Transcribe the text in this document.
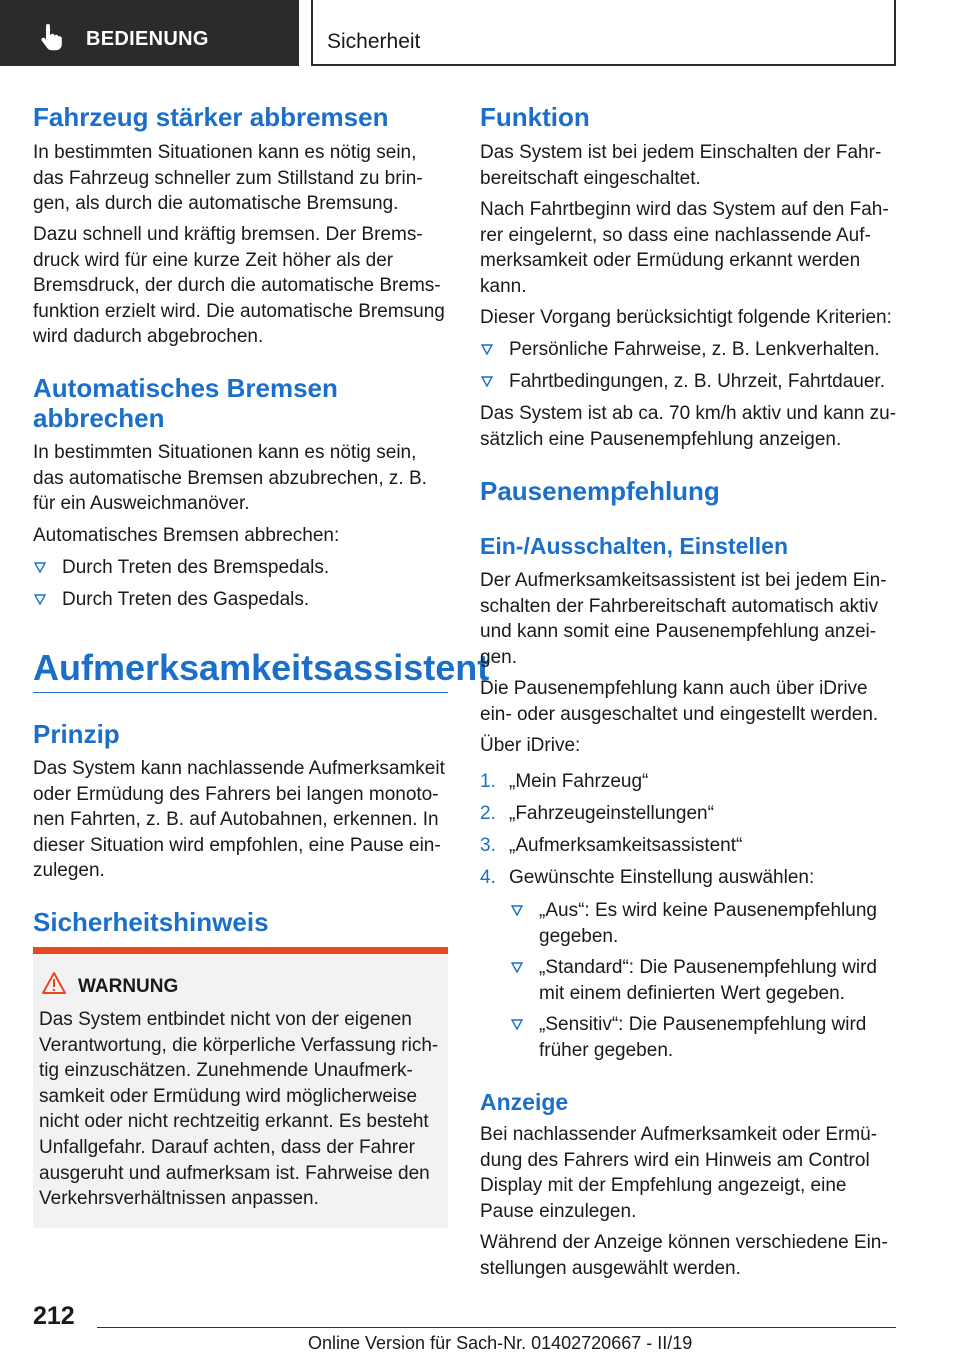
BEDIENUNG	Sicherheit
Fahrzeug stärker abbremsen
In bestimmten Situationen kann es nötig sein,
das Fahrzeug schneller zum Stillstand zu brin‐
gen, als durch die automatische Bremsung.
Dazu schnell und kräftig bremsen. Der Brems‐
druck wird für eine kurze Zeit höher als der
Bremsdruck, der durch die automatische Brems‐
funktion erzielt wird. Die automatische Bremsung
wird dadurch abgebrochen.
Automatisches Bremsen
abbrechen
In bestimmten Situationen kann es nötig sein,
das automatische Bremsen abzubrechen, z. B.
für ein Ausweichmanöver.
Automatisches Bremsen abbrechen:
Durch Treten des Bremspedals.
Durch Treten des Gaspedals.
Aufmerksamkeitsassistent
Prinzip
Das System kann nachlassende Aufmerksamkeit
oder Ermüdung des Fahrers bei langen monoto‐
nen Fahrten, z. B. auf Autobahnen, erkennen. In
dieser Situation wird empfohlen, eine Pause ein‐
zulegen.
Sicherheitshinweis
WARNUNG
Das System entbindet nicht von der eigenen
Verantwortung, die körperliche Verfassung rich‐
tig einzuschätzen. Zunehmende Unaufmerk‐
samkeit oder Ermüdung wird möglicherweise
nicht oder nicht rechtzeitig erkannt. Es besteht
Unfallgefahr. Darauf achten, dass der Fahrer
ausgeruht und aufmerksam ist. Fahrweise den
Verkehrsverhältnissen anpassen.
Funktion
Das System ist bei jedem Einschalten der Fahr‐
bereitschaft eingeschaltet.
Nach Fahrtbeginn wird das System auf den Fah‐
rer eingelernt, so dass eine nachlassende Auf‐
merksamkeit oder Ermüdung erkannt werden
kann.
Dieser Vorgang berücksichtigt folgende Kriterien:
Persönliche Fahrweise, z. B. Lenkverhalten.
Fahrtbedingungen, z. B. Uhrzeit, Fahrtdauer.
Das System ist ab ca. 70 km/h aktiv und kann zu‐
sätzlich eine Pausenempfehlung anzeigen.
Pausenempfehlung
Ein-/Ausschalten, Einstellen
Der Aufmerksamkeitsassistent ist bei jedem Ein‐
schalten der Fahrbereitschaft automatisch aktiv
und kann somit eine Pausenempfehlung anzei‐
gen.
Die Pausenempfehlung kann auch über iDrive
ein- oder ausgeschaltet und eingestellt werden.
Über iDrive:
1. „Mein Fahrzeug“
2. „Fahrzeugeinstellungen“
3. „Aufmerksamkeitsassistent“
4. Gewünschte Einstellung auswählen:
„Aus“: Es wird keine Pausenempfehlung
gegeben.
„Standard“: Die Pausenempfehlung wird
mit einem definierten Wert gegeben.
„Sensitiv“: Die Pausenempfehlung wird
früher gegeben.
Anzeige
Bei nachlassender Aufmerksamkeit oder Ermü‐
dung des Fahrers wird ein Hinweis am Control
Display mit der Empfehlung angezeigt, eine
Pause einzulegen.
Während der Anzeige können verschiedene Ein‐
stellungen ausgewählt werden.
212
Online Version für Sach-Nr. 01402720667 - II/19
